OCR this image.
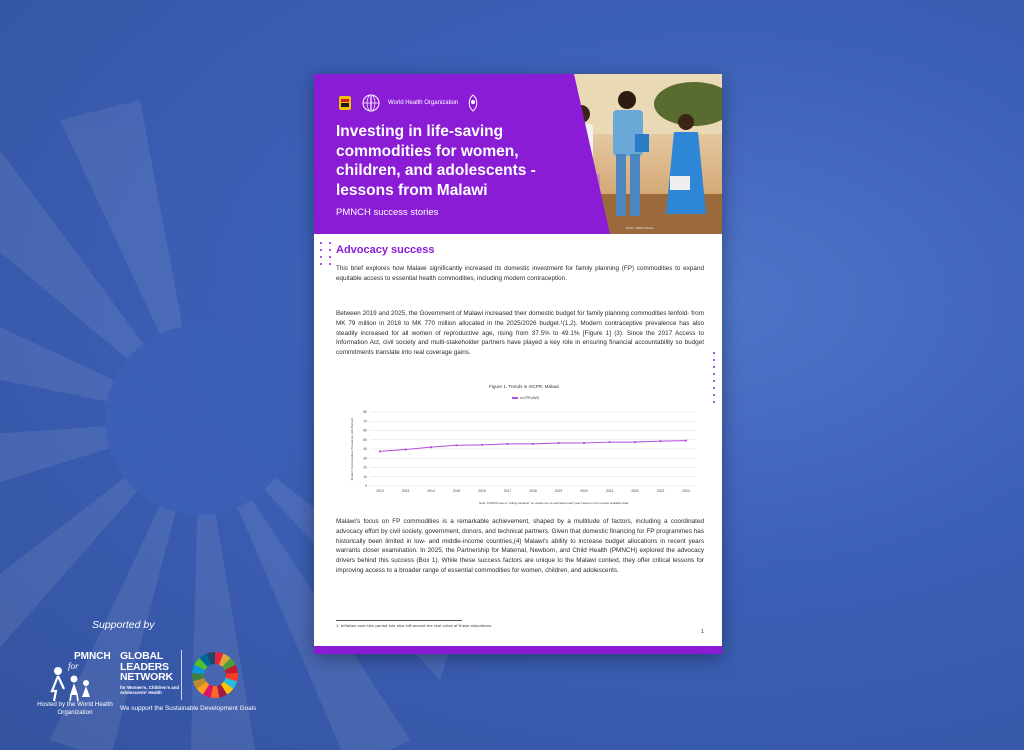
World Health Organization
Investing in life-saving commodities for women, children, and adolescents - lessons from Malawi
PMNCH success stories
Photo: UNFPA Malawi
Advocacy success

This brief explores how Malawi significantly increased its domestic investment for family planning (FP) commodities to expand equitable access to essential health commodities, including modern contraception.

Between 2019 and 2025, the Government of Malawi increased their domestic budget for family planning commodities tenfold- from MK 79 million in 2018 to MK 770 million allocated in the 2025/2026 budget.¹(1,2). Modern contraceptive prevalence has also steadily increased for all women of reproductive age, rising from 37.5% to 49.1% [Figure 1] (3). Since the 2017 Access to Information Act, civil society and multi-stakeholder partners have played a key role in ensuring financial accountability so budget commitments translate into real coverage gains.

Figure 1. Trends in mCPR: Malawi
mCPR(AW)
0
10
20
30
40
50
60
70
80
2012	2013	2014	2015	2016	2017	2018	2019	2020	2021	2022	2023	2024
Modern Contraceptive Prevalence (All Women)
Note: FP2030 uses a "rolling baseline" so values are re-estimated each year based on the newest available data

Malawi’s focus on FP commodities is a remarkable achievement, shaped by a multitude of factors, including a coordinated advocacy effort by civil society, government, donors, and technical partners. Given that domestic financing for FP programmes has historically been limited in low- and middle-income countries,(4) Malawi’s ability to increase budget allocations in recent years warrants closer examination. In 2025, the Partnership for Maternal, Newborn, and Child Health (PMNCH) explored the advocacy drivers behind this success (Box 1). While these success factors are unique to the Malawi context, they offer critical lessons for improving access to a broader range of essential commodities for women, children, and adolescents.

1. Inflation over this period has also influenced the real value of these allocations.
1
Supported by
PMNCH
for
Hosted by the World Health Organization
GLOBAL LEADERS NETWORK
for Women's, Children's and Adolescents' Health
We support the Sustainable Development Goals
